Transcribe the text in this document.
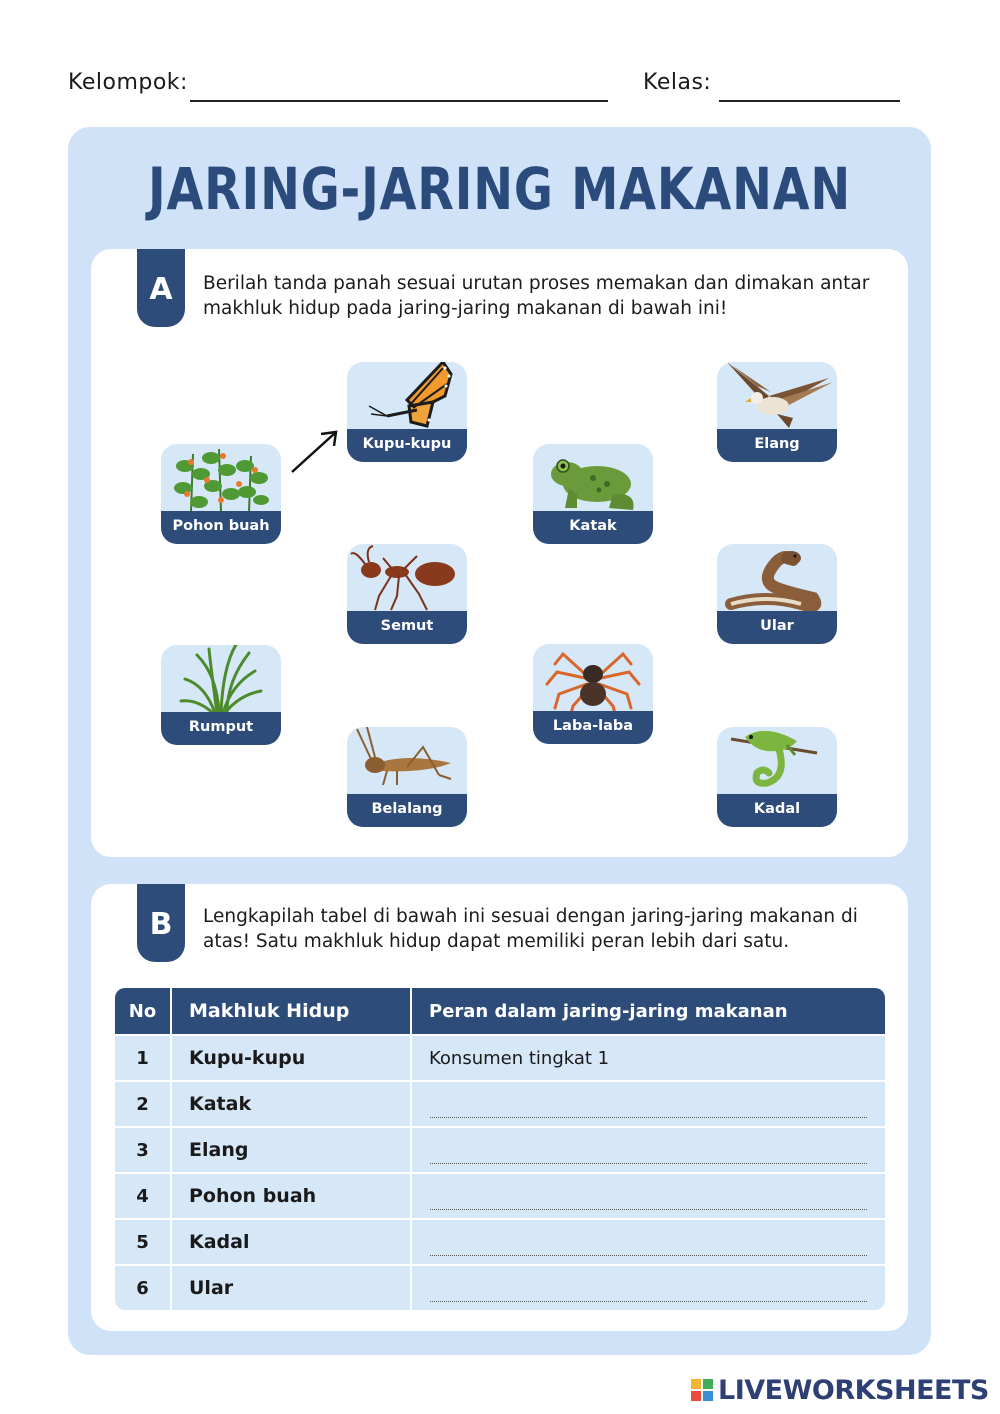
Kelompok:	Kelas:
JARING-JARING MAKANAN
A	Berilah tanda panah sesuai urutan proses memakan dan dimakan antar makhluk hidup pada jaring-jaring makanan di bawah ini!
Pohon buah
Kupu-kupu
Katak
Elang
Semut	Ular
Rumput	Laba-laba
Belalang	Kadal
B	Lengkapilah tabel di bawah ini sesuai dengan jaring-jaring makanan di atas! Satu makhluk hidup dapat memiliki peran lebih dari satu.
No	Makhluk Hidup	Peran dalam jaring-jaring makanan
1	Kupu-kupu	Konsumen tingkat 1
2	Katak
3	Elang
4	Pohon buah
5	Kadal
6	Ular
LIVEWORKSHEETS
